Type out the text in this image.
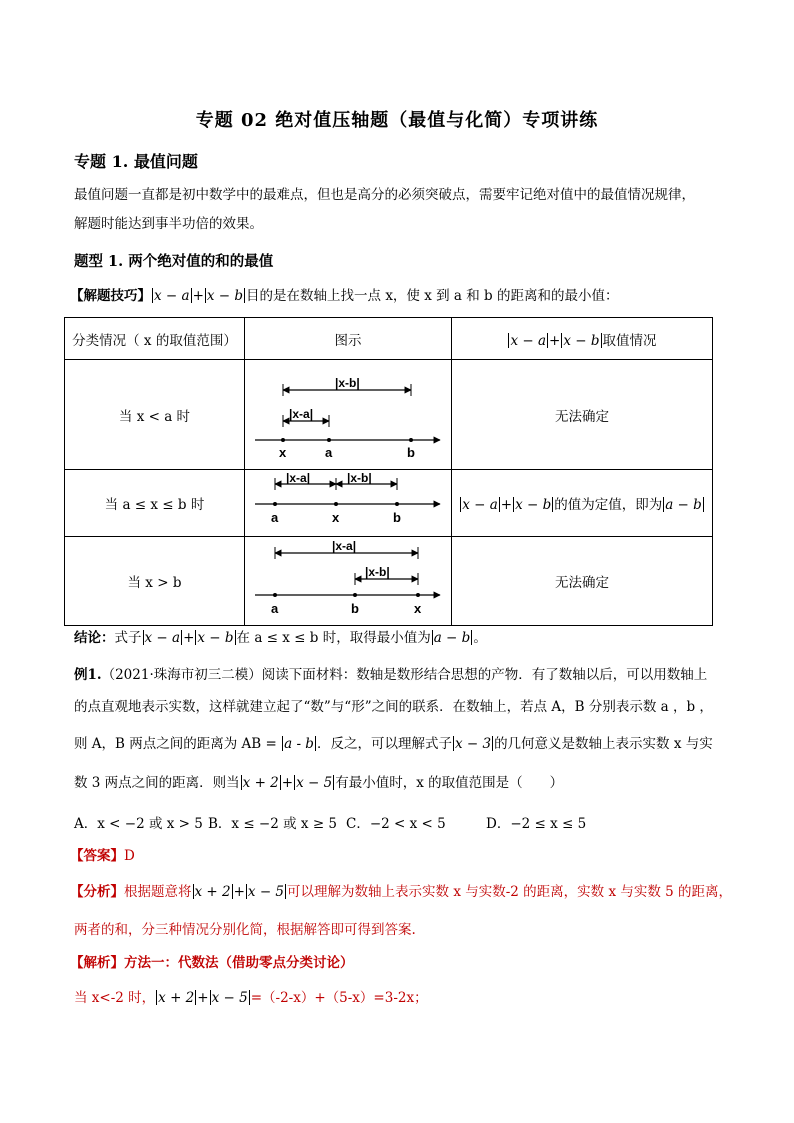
专题 02 绝对值压轴题（最值与化简）专项讲练
专题 1. 最值问题
最值问题一直都是初中数学中的最难点，但也是高分的必须突破点，需要牢记绝对值中的最值情况规律，
解题时能达到事半功倍的效果。
题型 1. 两个绝对值的和的最值
【解题技巧】 x − a + x − b 目的是在数轴上找一点 x，使 x 到 a 和 b 的距离和的最小值：
分类情况（ x 的取值范围）	图示	x − a + x − b 取值情况
当 x < a 时	|x-b|
|x-a|
x a b	无法确定
当 a ≤ x ≤ b 时	|x-a| |x-b|
a x b	x − a + x − b 的值为定值，即为 a − b
当 x > b	|x-a|
|x-b|
a b x	无法确定
结论：式子 x − a + x − b 在 a ≤ x ≤ b 时，取得最小值为 a − b 。
例1.（2021·珠海市初三二模）阅读下面材料：数轴是数形结合思想的产物．有了数轴以后，可以用数轴上
的点直观地表示实数，这样就建立起了“数”与“形”之间的联系．在数轴上，若点 A，B 分别表示数 a ，b ，
则 A，B 两点之间的距离为 AB = a - b ．反之，可以理解式子 x − 3 的几何意义是数轴上表示实数 x 与实
数 3 两点之间的距离．则当 x + 2 + x − 5 有最小值时，x 的取值范围是（　　）
A．x < −2 或 x > 5 B．x ≤ −2 或 x ≥ 5 C．−2 < x < 5	D．−2 ≤ x ≤ 5
【答案】D
【分析】根据题意将 x + 2 + x − 5 可以理解为数轴上表示实数 x 与实数-2 的距离，实数 x 与实数 5 的距离，
两者的和，分三种情况分别化简，根据解答即可得到答案.
【解析】方法一：代数法（借助零点分类讨论）
当 x<-2 时， x + 2 + x − 5 =（-2-x）+（5-x）=3-2x；
